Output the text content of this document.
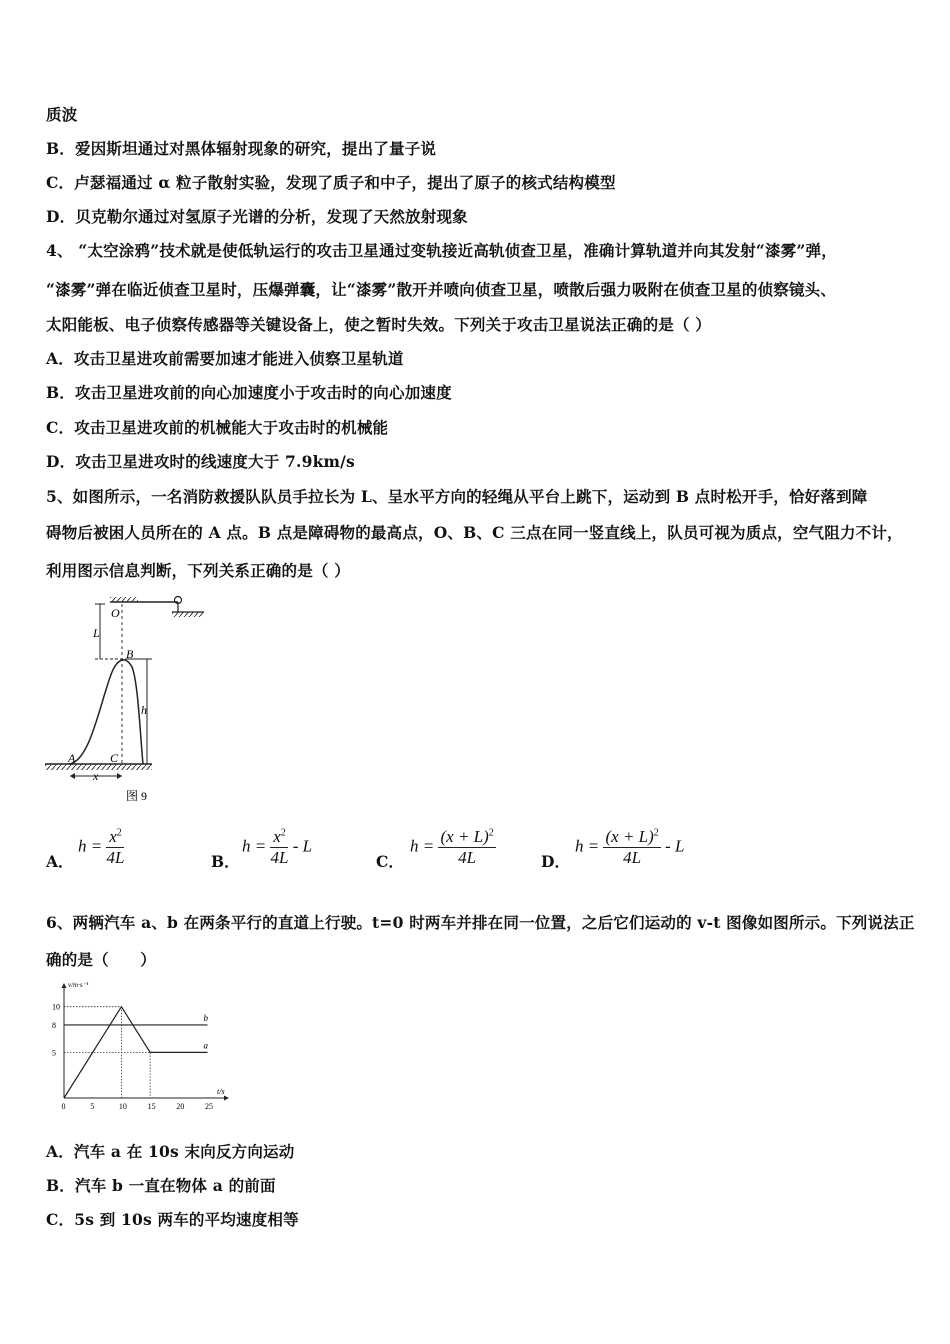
质波
B．爱因斯坦通过对黑体辐射现象的研究，提出了量子说
C．卢瑟福通过 α 粒子散射实验，发现了质子和中子，提出了原子的核式结构模型
D．贝克勒尔通过对氢原子光谱的分析，发现了天然放射现象
4、 “太空涂鸦”技术就是使低轨运行的攻击卫星通过变轨接近高轨侦查卫星，准确计算轨道并向其发射“漆雾”弹，
“漆雾”弹在临近侦查卫星时，压爆弹囊，让“漆雾”散开并喷向侦查卫星，喷散后强力吸附在侦查卫星的侦察镜头、
太阳能板、电子侦察传感器等关键设备上，使之暂时失效。下列关于攻击卫星说法正确的是（ ）
A．攻击卫星进攻前需要加速才能进入侦察卫星轨道
B．攻击卫星进攻前的向心加速度小于攻击时的向心加速度
C．攻击卫星进攻前的机械能大于攻击时的机械能
D．攻击卫星进攻时的线速度大于 7.9km/s
5、如图所示，一名消防救援队队员手拉长为 L、呈水平方向的轻绳从平台上跳下，运动到 B 点时松开手，恰好落到障
碍物后被困人员所在的 A 点。B 点是障碍物的最高点，O、B、C 三点在同一竖直线上，队员可视为质点，空气阻力不计，
利用图示信息判断，下列关系正确的是（ ）
O
L
B
h
A	C
x
图 9
A．
$h = \frac{x^2}{4L}$	B．
$h = \frac{x^2}{4L} - L$
C．
$h = \frac{(x + L)^2}{4L}$	D．
$h = \frac{(x + L)^2}{4L} - L$
6、两辆汽车 a、b 在两条平行的直道上行驶。t=0 时两车并排在同一位置，之后它们运动的 v-t 图像如图所示。下列说法正
确的是（　　）
t/s
v/m·s⁻¹
0	5	10	15	20	25
5
8
10
a
b
A．汽车 a 在 10s 末向反方向运动
B．汽车 b 一直在物体 a 的前面
C．5s 到 10s 两车的平均速度相等
